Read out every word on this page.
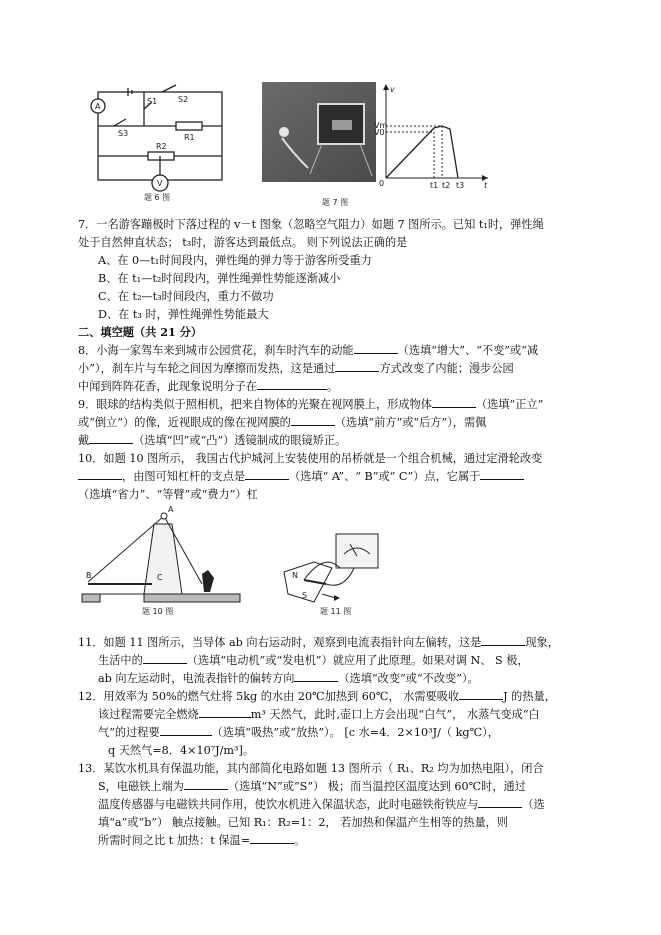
A
V
S1	S2
S3	R1
R2
题 6 图
v
t
0
Vm
V0
t1 t2 t3
题 7 图
7．一名游客蹦极时下落过程的 v－t 图象（忽略空气阻力）如题 7 图所示。已知 t₁时，弹性绳
处于自然伸直状态； t₃时，游客达到最低点。 则下列说法正确的是
A、在 0—t₁时间段内，弹性绳的弹力等于游客所受重力
B、在 t₁—t₂时间段内，弹性绳弹性势能逐渐减小
C、在 t₂—t₃时间段内，重力不做功
D、在 t₃ 时，弹性绳弹性势能最大
二、填空题（共 21 分）
8．小海一家驾车来到城市公园赏花，刹车时汽车的动能	（选填“增大”、“不变”或“减
小”），刹车片与车轮之间因为摩擦而发热，这是通过	方式改变了内能；漫步公园
中闻到阵阵花香，此现象说明分子在	。
9．眼球的结构类似于照相机，把来自物体的光聚在视网膜上，形成物体	（选填“正立”
或“倒立”）的像，近视眼成的像在视网膜的	（选填“前方”或“后方”），需佩
戴	（选填“凹”或“凸”）透镜制成的眼镜矫正。
10．如题 10 图所示， 我国古代护城河上安装使用的吊桥就是一个组合机械，通过定滑轮改变
，由图可知杠杆的支点是	（选填“ A”、“ B”或“ C”）点，它属于
（选填“省力”、“等臂”或“费力”）杠
A
B	C
题 10 图
N
S
题 11 图
11．如题 11 图所示，当导体 ab 向右运动时，观察到电流表指针向左偏转，这是	现象，
生活中的	（选填“电动机”或“发电机”）就应用了此原理。如果对调 N、 S 极，
ab 向左运动时，电流表指针的偏转方向	（选填“改变”或“不改变”）。
12．用效率为 50%的燃气灶将 5kg 的水由 20℃加热到 60℃， 水需要吸收	J 的热量，
该过程需要完全燃烧	m³ 天然气，此时,壶口上方会出现“白气”， 水蒸气变成“白
气”的过程要	（选填“吸热”或“放热”）。 [c 水=4．2×10³J/（ kg℃），
q 天然气=8．4×10⁷J/m³]。
13．某饮水机具有保温功能，其内部简化电路如题 13 图所示（ R₁、R₂ 均为加热电阻），闭合
S，电磁铁上端为	（选填“N”或“S”） 极；而当温控区温度达到 60℃时，通过
温度传感器与电磁铁共同作用，使饮水机进入保温状态，此时电磁铁衔铁应与	（选
填“a”或“b”） 触点接触。已知 R₁：R₂=1：2， 若加热和保温产生相等的热量，则
所需时间之比 t 加热：t 保温=	。
